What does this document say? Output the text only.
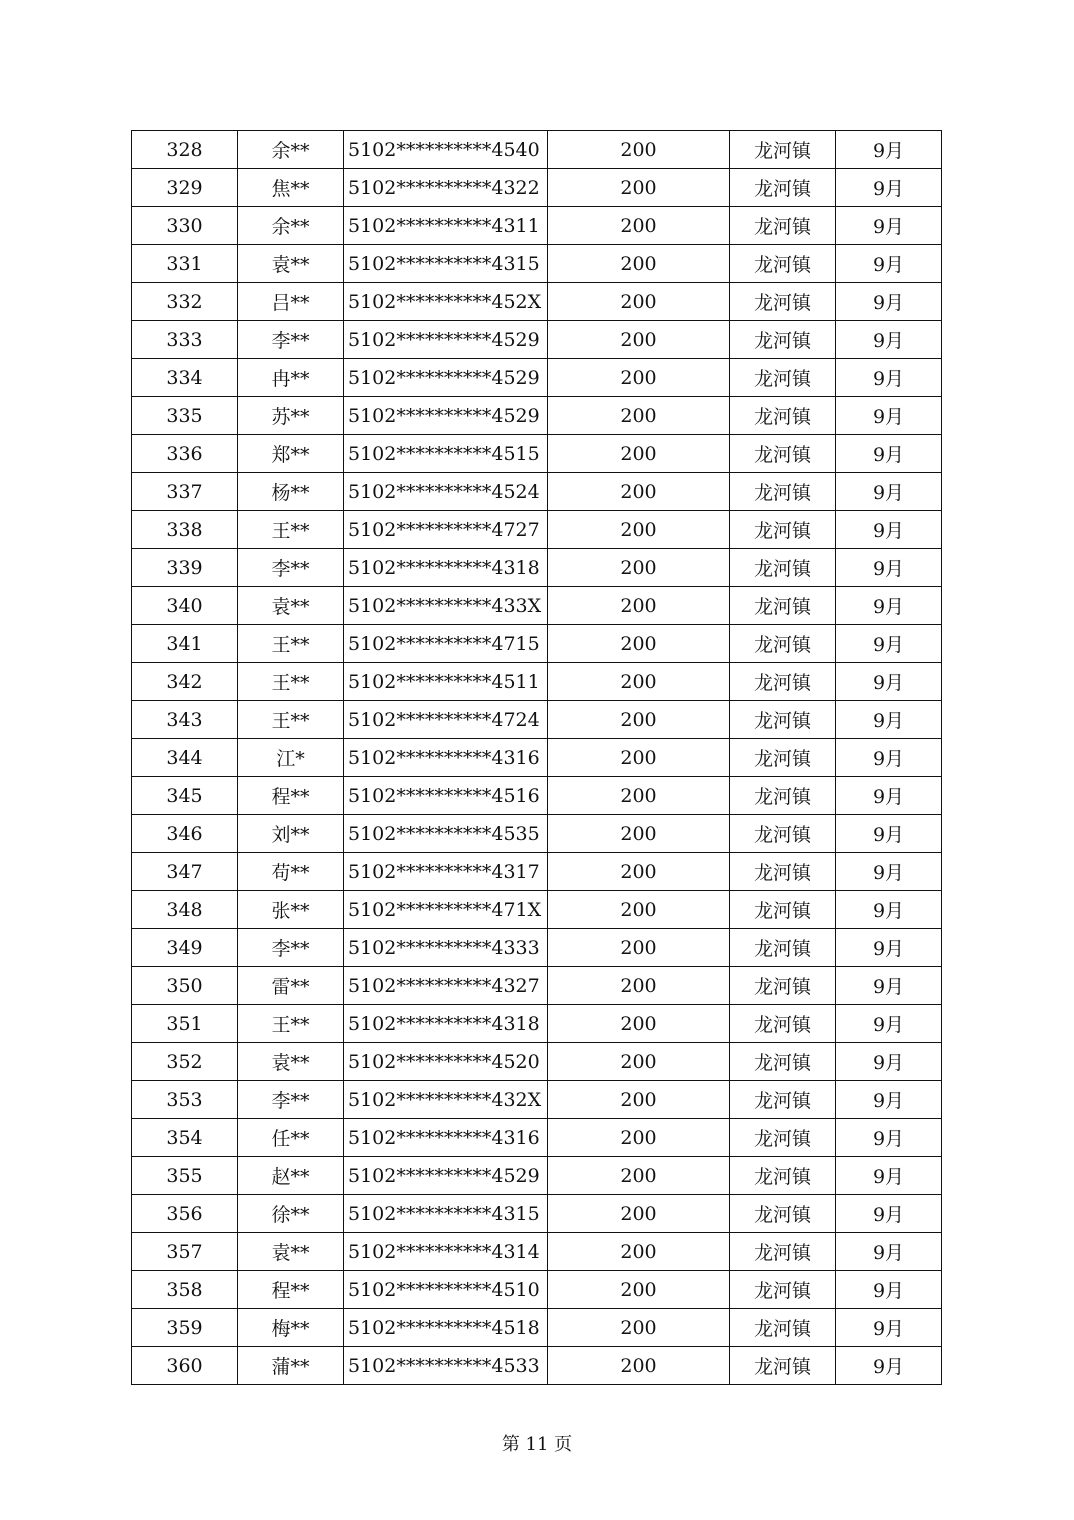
328	余**	5102**********4540	200	龙河镇	9月
329	焦**	5102**********4322	200	龙河镇	9月
330	余**	5102**********4311	200	龙河镇	9月
331	袁**	5102**********4315	200	龙河镇	9月
332	吕**	5102**********452X	200	龙河镇	9月
333	李**	5102**********4529	200	龙河镇	9月
334	冉**	5102**********4529	200	龙河镇	9月
335	苏**	5102**********4529	200	龙河镇	9月
336	郑**	5102**********4515	200	龙河镇	9月
337	杨**	5102**********4524	200	龙河镇	9月
338	王**	5102**********4727	200	龙河镇	9月
339	李**	5102**********4318	200	龙河镇	9月
340	袁**	5102**********433X	200	龙河镇	9月
341	王**	5102**********4715	200	龙河镇	9月
342	王**	5102**********4511	200	龙河镇	9月
343	王**	5102**********4724	200	龙河镇	9月
344	江*	5102**********4316	200	龙河镇	9月
345	程**	5102**********4516	200	龙河镇	9月
346	刘**	5102**********4535	200	龙河镇	9月
347	苟**	5102**********4317	200	龙河镇	9月
348	张**	5102**********471X	200	龙河镇	9月
349	李**	5102**********4333	200	龙河镇	9月
350	雷**	5102**********4327	200	龙河镇	9月
351	王**	5102**********4318	200	龙河镇	9月
352	袁**	5102**********4520	200	龙河镇	9月
353	李**	5102**********432X	200	龙河镇	9月
354	任**	5102**********4316	200	龙河镇	9月
355	赵**	5102**********4529	200	龙河镇	9月
356	徐**	5102**********4315	200	龙河镇	9月
357	袁**	5102**********4314	200	龙河镇	9月
358	程**	5102**********4510	200	龙河镇	9月
359	梅**	5102**********4518	200	龙河镇	9月
360	蒲**	5102**********4533	200	龙河镇	9月
第 11 页
